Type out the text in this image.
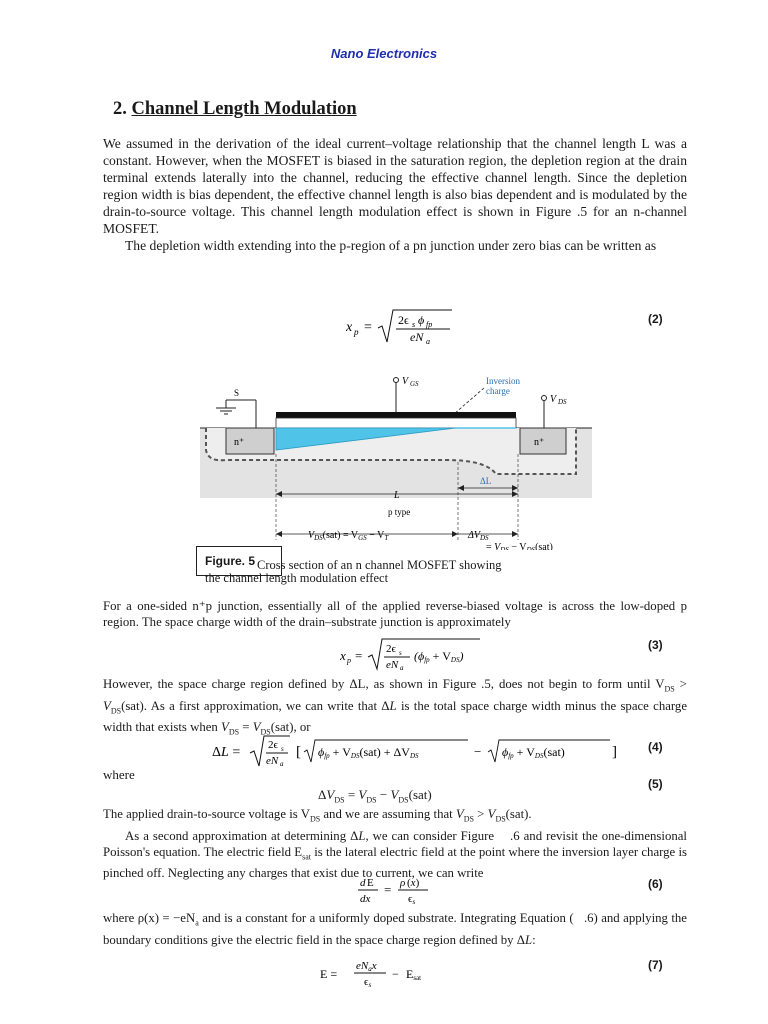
Nano Electronics
2. Channel Length Modulation
We assumed in the derivation of the ideal current–voltage relationship that the channel length L was a constant. However, when the MOSFET is biased in the saturation region, the depletion region at the drain terminal extends laterally into the channel, reducing the effective channel length. Since the depletion region width is bias dependent, the effective channel length is also bias dependent and is modulated by the drain-to-source voltage. This channel length modulation effect is shown in Figure .5 for an n-channel MOSFET.
The depletion width extending into the p-region of a pn junction under zero bias can be written as
x p = 2ϵ s ϕ fp
eN a
(2)
n⁺	n⁺
S
V GS	Inversion
charge
V DS
ΔL
L
p type
$V_{DS}(sat) = V_{GS} - V_T$	$\Delta V_{DS}$
= $V_{DS} - V_{DS}(sat)$
Figure. 5 Cross section of an n channel MOSFET showing
the channel length modulation effect
For a one-sided n⁺p junction, essentially all of the applied reverse-biased voltage is across the low-doped p region. The space charge width of the drain–substrate junction is approximately
x p = 2ϵ s
eN a
(ϕfp + VDS)
(3)
However, the space charge region defined by ΔL, as shown in Figure .5, does not begin to form until $V_{DS} > V_{DS}(sat)$. As a first approximation, we can write that ΔL is the total space charge width minus the space charge width that exists when $V_{DS} = V_{DS}(sat)$, or
ΔL =	2ϵ s
eN a
[ ϕfp + VDS(sat) + ΔVDS	− ϕfp + VDS(sat)	]	(4)
where
$\Delta V_{DS} = V_{DS} - V_{DS}(sat)$
(5)
The applied drain-to-source voltage is $V_{DS}$ and we are assuming that $V_{DS} > V_{DS}(sat)$.
As a second approximation at determining ΔL, we can consider Figure    .6 and revisit the one-dimensional Poisson's equation. The electric field $E_{sat}$ is the lateral electric field at the point where the inversion layer charge is pinched off. Neglecting any charges that exist due to current, we can write
d E
dx
= ρ (x)
ϵs
(6)
where $\rho(x) = -eN_a$ and is a constant for a uniformly doped substrate. Integrating Equation (   .6) and applying the boundary conditions give the electric field in the space charge region defined by ΔL:
E =
eNax
ϵs
− Esat
(7)
